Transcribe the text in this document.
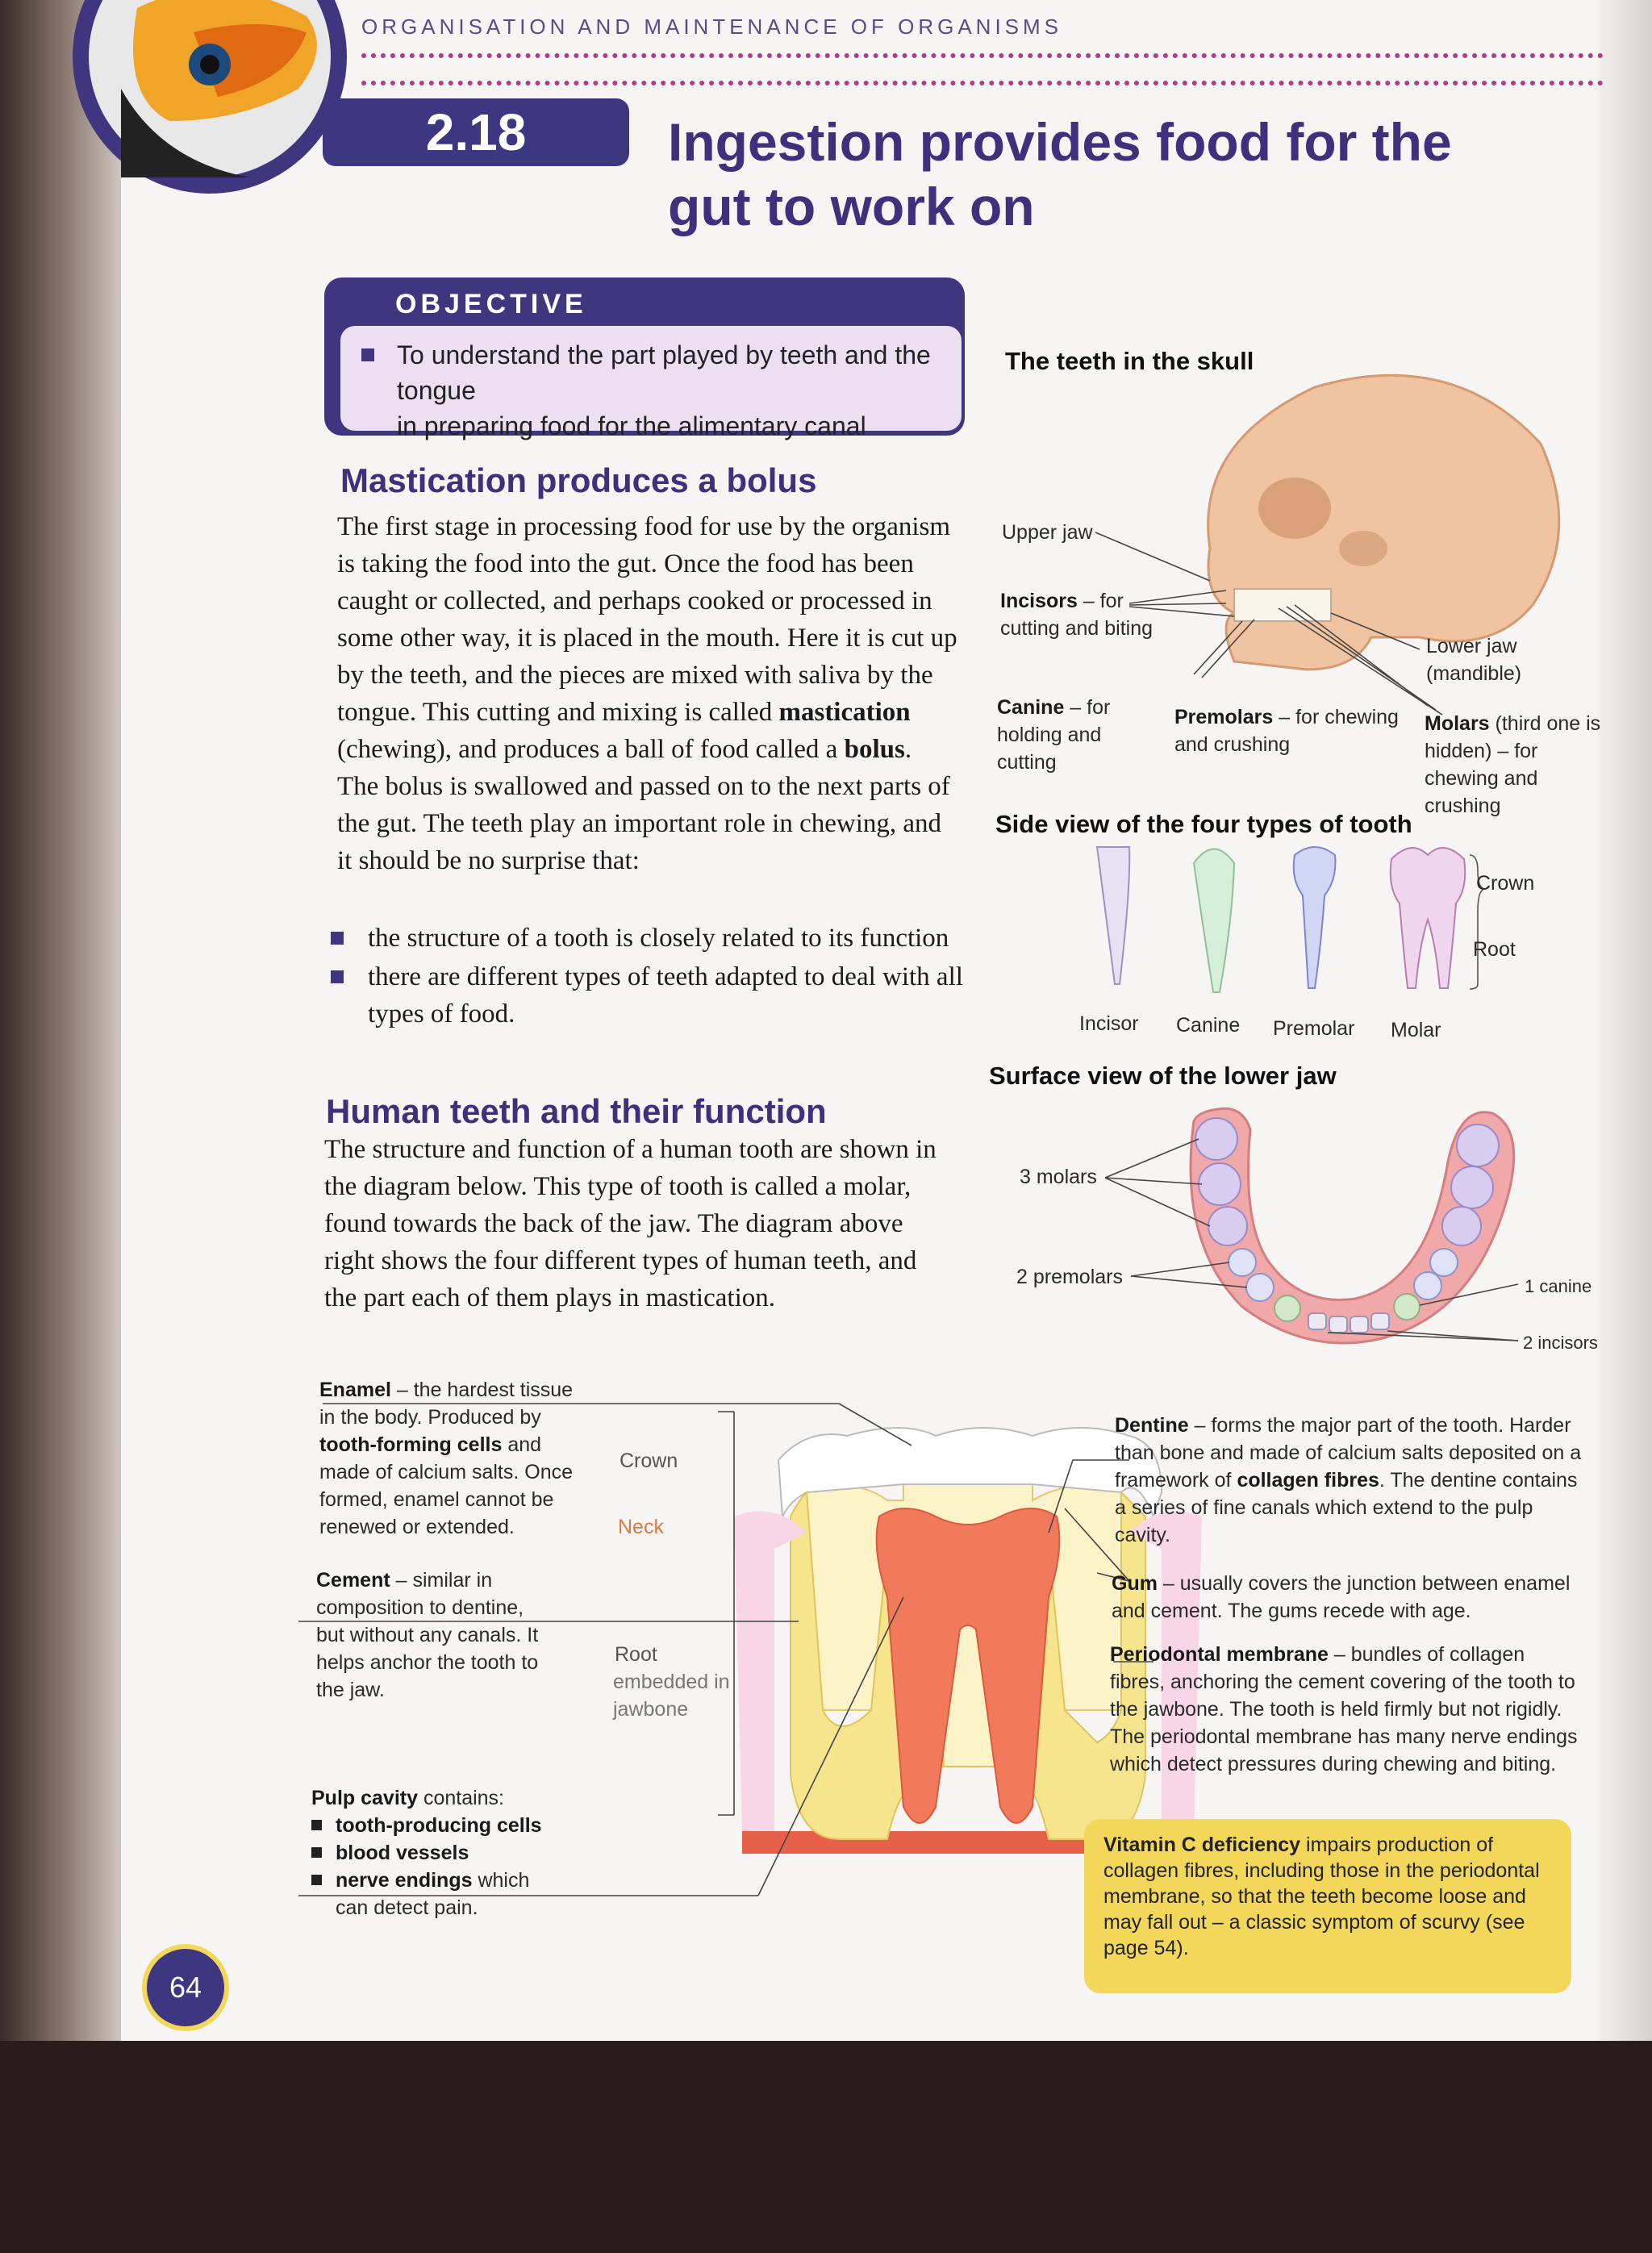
ORGANISATION AND MAINTENANCE OF ORGANISMS
2.18	Ingestion provides food for the
gut to work on
OBJECTIVE
To understand the part played by teeth and the tongue
in preparing food for the alimentary canal
Mastication produces a bolus
The first stage in processing food for use by the organism is taking the food into the gut. Once the food has been caught or collected, and perhaps cooked or processed in some other way, it is placed in the mouth. Here it is cut up by the teeth, and the pieces are mixed with saliva by the tongue. This cutting and mixing is called mastication (chewing), and produces a ball of food called a bolus. The bolus is swallowed and passed on to the next parts of the gut. The teeth play an important role in chewing, and it should be no surprise that:
the structure of a tooth is closely related to its function
there are different types of teeth adapted to deal with all types of food.
Human teeth and their function
The structure and function of a human tooth are shown in the diagram below. This type of tooth is called a molar, found towards the back of the jaw. The diagram above right shows the four different types of human teeth, and the part each of them plays in mastication.
The teeth in the skull
Upper jaw
Incisors – for cutting and biting
Canine – for holding and cutting
Premolars – for chewing and crushing
Lower jaw (mandible)
Molars (third one is hidden) – for chewing and crushing
Side view of the four types of tooth
Crown
Root
Incisor Canine Premolar Molar
Surface view of the lower jaw
3 molars
2 premolars	1 canine
2 incisors
Enamel – the hardest tissue in the body. Produced by tooth-forming cells and made of calcium salts. Once formed, enamel cannot be renewed or extended.
Cement – similar in composition to dentine, but without any canals. It helps anchor the tooth to the jaw.
Pulp cavity contains:
tooth-producing cells
blood vessels
nerve endings which can detect pain.
Crown
Neck
Root
embedded in jawbone
Dentine – forms the major part of the tooth. Harder than bone and made of calcium salts deposited on a framework of collagen fibres. The dentine contains a series of fine canals which extend to the pulp cavity.
Gum – usually covers the junction between enamel and cement. The gums recede with age.
Periodontal membrane – bundles of collagen fibres, anchoring the cement covering of the tooth to the jawbone. The tooth is held firmly but not rigidly. The periodontal membrane has many nerve endings which detect pressures during chewing and biting.
Vitamin C deficiency impairs production of collagen fibres, including those in the periodontal membrane, so that the teeth become loose and may fall out – a classic symptom of scurvy (see page 54).
64
